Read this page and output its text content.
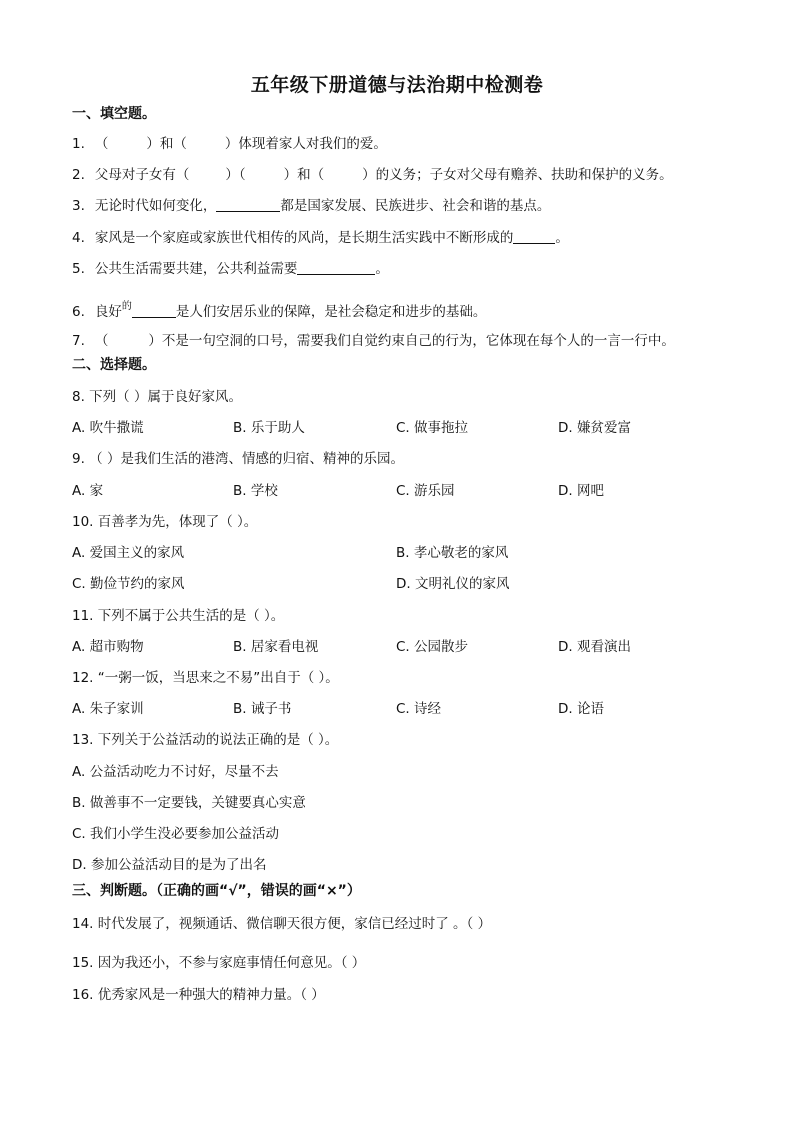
五年级下册道德与法治期中检测卷
一、填空题。
1. （	）和（	）体现着家人对我们的爱。
2. 父母对子女有（	）（	）和（	）的义务；子女对父母有赡养、扶助和保护的义务。
3. 无论时代如何变化，	都是国家发展、民族进步、社会和谐的基点。
4. 家风是一个家庭或家族世代相传的风尚，是长期生活实践中不断形成的	。
5. 公共生活需要共建，公共利益需要	。
6. 良好$^的$	是人们安居乐业的保障，是社会稳定和进步的基础。
7. （	）不是一句空洞的口号，需要我们自觉约束自己的行为，它体现在每个人的一言一行中。
二、选择题。
8. 下列（ ）属于良好家风。
A. 吹牛撒谎	B. 乐于助人	C. 做事拖拉	D. 嫌贫爱富
9. （ ）是我们生活的港湾、情感的归宿、精神的乐园。
A. 家	B. 学校	C. 游乐园	D. 网吧
10. 百善孝为先，体现了（ ）。
A. 爱国主义的家风	B. 孝心敬老的家风
C. 勤俭节约的家风	D. 文明礼仪的家风
11. 下列不属于公共生活的是（ ）。
A. 超市购物	B. 居家看电视	C. 公园散步	D. 观看演出
12. “一粥一饭，当思来之不易”出自于（ ）。
A. 朱子家训	B. 诫子书	C. 诗经	D. 论语
13. 下列关于公益活动的说法正确的是（ ）。
A. 公益活动吃力不讨好，尽量不去
B. 做善事不一定要钱，关键要真心实意
C. 我们小学生没必要参加公益活动
D. 参加公益活动目的是为了出名
三、判断题。（正确的画“√”，错误的画“×”）
14. 时代发展了，视频通话、微信聊天很方便，家信已经过时了 。（ ）
15. 因为我还小，不参与家庭事情任何意见。（ ）
16. 优秀家风是一种强大的精神力量。（ ）
